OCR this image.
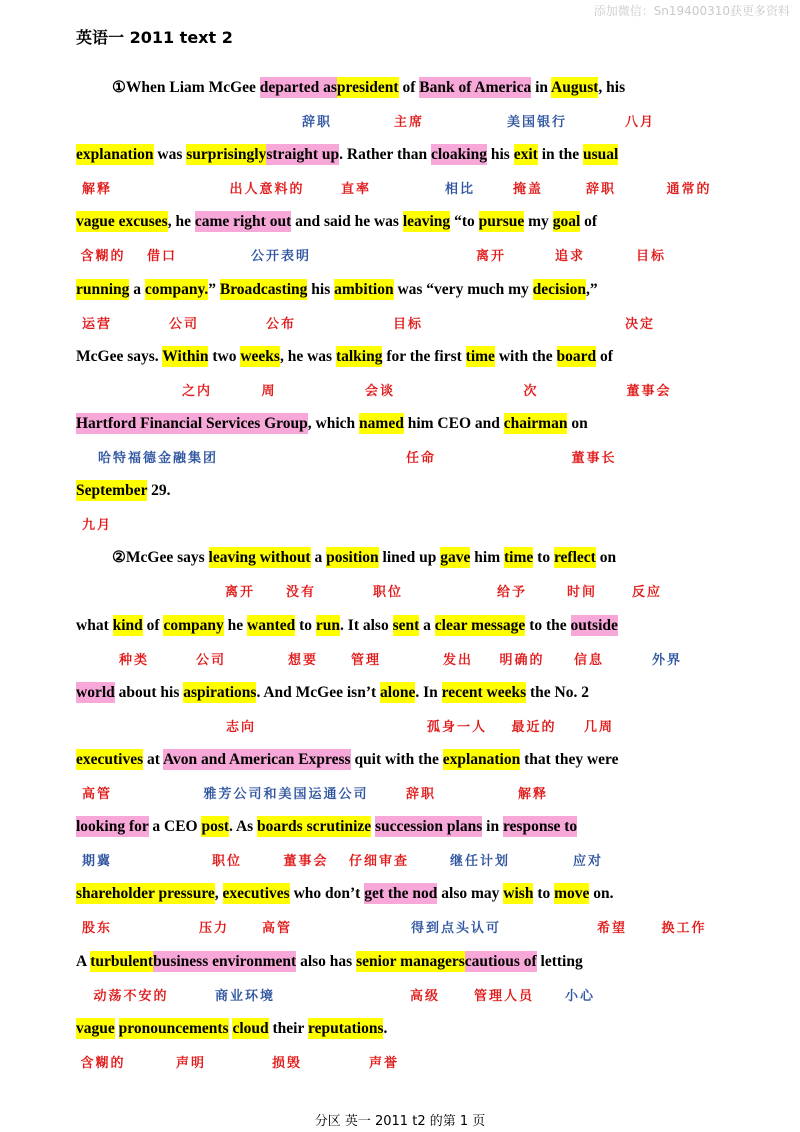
添加微信：Sn19400310获更多资料
英语一 2011 text 2
①When Liam McGee departed aspresident of Bank of America in August, his
辞职	主席	美国银行	八月
explanation was surprisinglystraight up. Rather than cloaking his exit in the usual
解释	出人意料的	直率	相比	掩盖	辞职	通常的
vague excuses, he came right out and said he was leaving “to pursue my goal of
含糊的 借口	公开表明	离开	追求	目标
running a company.” Broadcasting his ambition was “very much my decision,”
运营	公司	公布	目标	决定
McGee says. Within two weeks, he was talking for the first time with the board of
之内	周	会谈	次	董事会
Hartford Financial Services Group, which named him CEO and chairman on
哈特福德金融集团	任命	董事长
September 29.
九月
②McGee says leaving without a position lined up gave him time to reflect on
离开 没有	职位	给予	时间	反应
what kind of company he wanted to run. It also sent a clear message to the outside
种类	公司	想要	管理	发出 明确的 信息	外界
world about his aspirations. And McGee isn’t alone. In recent weeks the No. 2
志向	孤身一人 最近的 几周
executives at Avon and American Express quit with the explanation that they were
高管	雅芳公司和美国运通公司	辞职	解释
looking for a CEO post. As boards scrutinize succession plans in response to
期冀	职位	董事会 仔细审查	继任计划	应对
shareholder pressure, executives who don’t get the nod also may wish to move on.
股东	压力	高管	得到点头认可	希望	换工作
A turbulentbusiness environment also has senior managerscautious of letting
动荡不安的	商业环境	高级	管理人员 小心
vague pronouncements cloud their reputations.
含糊的	声明	损毁	声誉
分区 英一 2011 t2 的第 1 页
